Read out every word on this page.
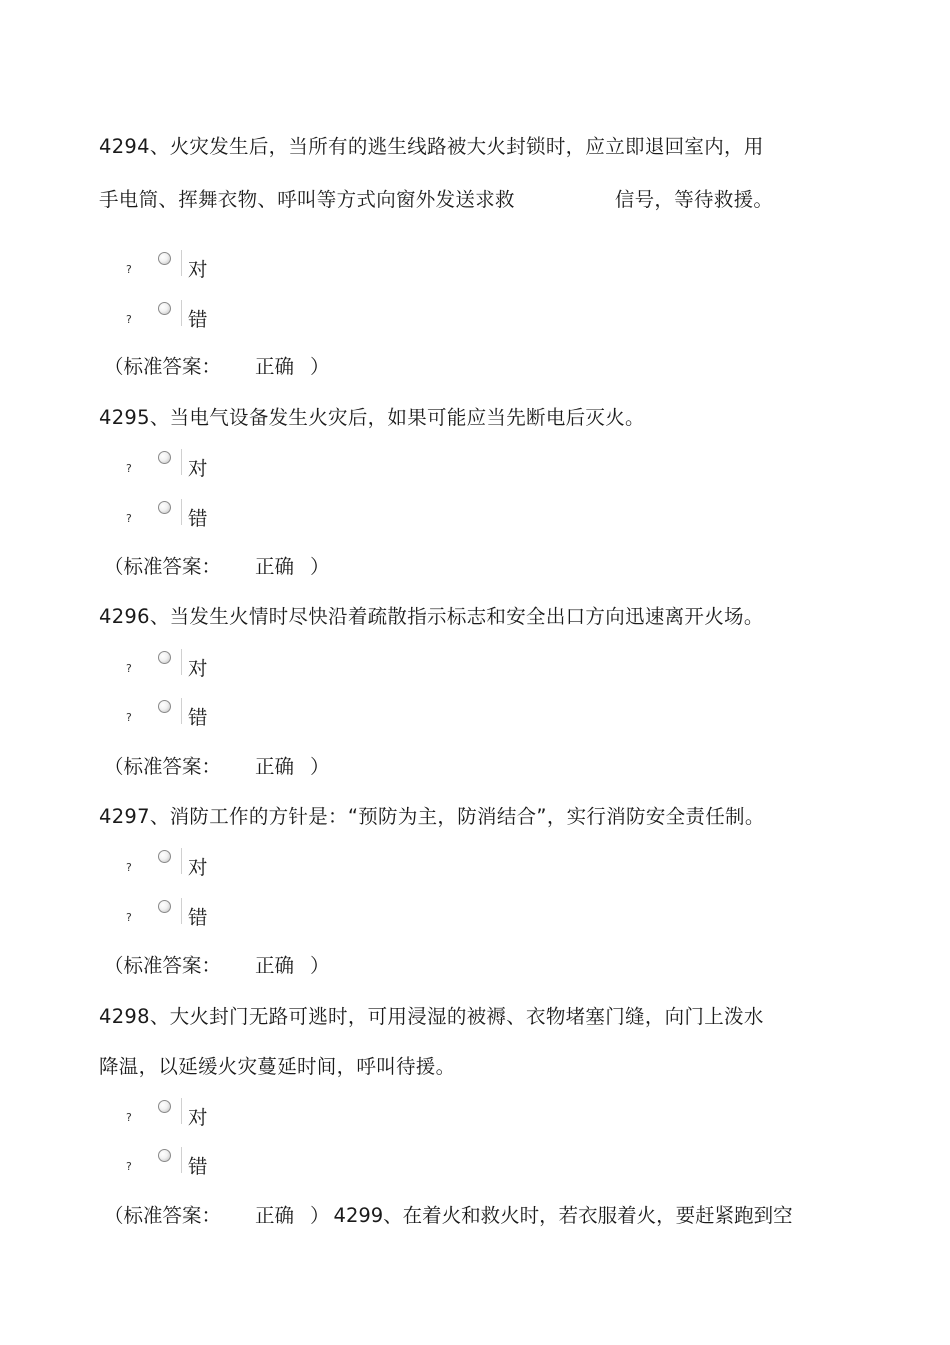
4294、火灾发生后，当所有的逃生线路被大火封锁时，应立即退回室内，用
手电筒、挥舞衣物、呼叫等方式向窗外发送求救	信号，等待救援。
?	对
?	错
（标准答案： 正确 ）
4295、当电气设备发生火灾后，如果可能应当先断电后灭火。
?	对
?	错
（标准答案： 正确 ）
4296、当发生火情时尽快沿着疏散指示标志和安全出口方向迅速离开火场。
?	对
?	错
（标准答案： 正确 ）
4297、消防工作的方针是：“预防为主，防消结合”，实行消防安全责任制。
?	对
?	错
（标准答案： 正确 ）
4298、大火封门无路可逃时，可用浸湿的被褥、衣物堵塞门缝，向门上泼水
降温，以延缓火灾蔓延时间，呼叫待援。
?	对
?	错
（标准答案： 正确 ） 4299、在着火和救火时，若衣服着火，要赶紧跑到空
